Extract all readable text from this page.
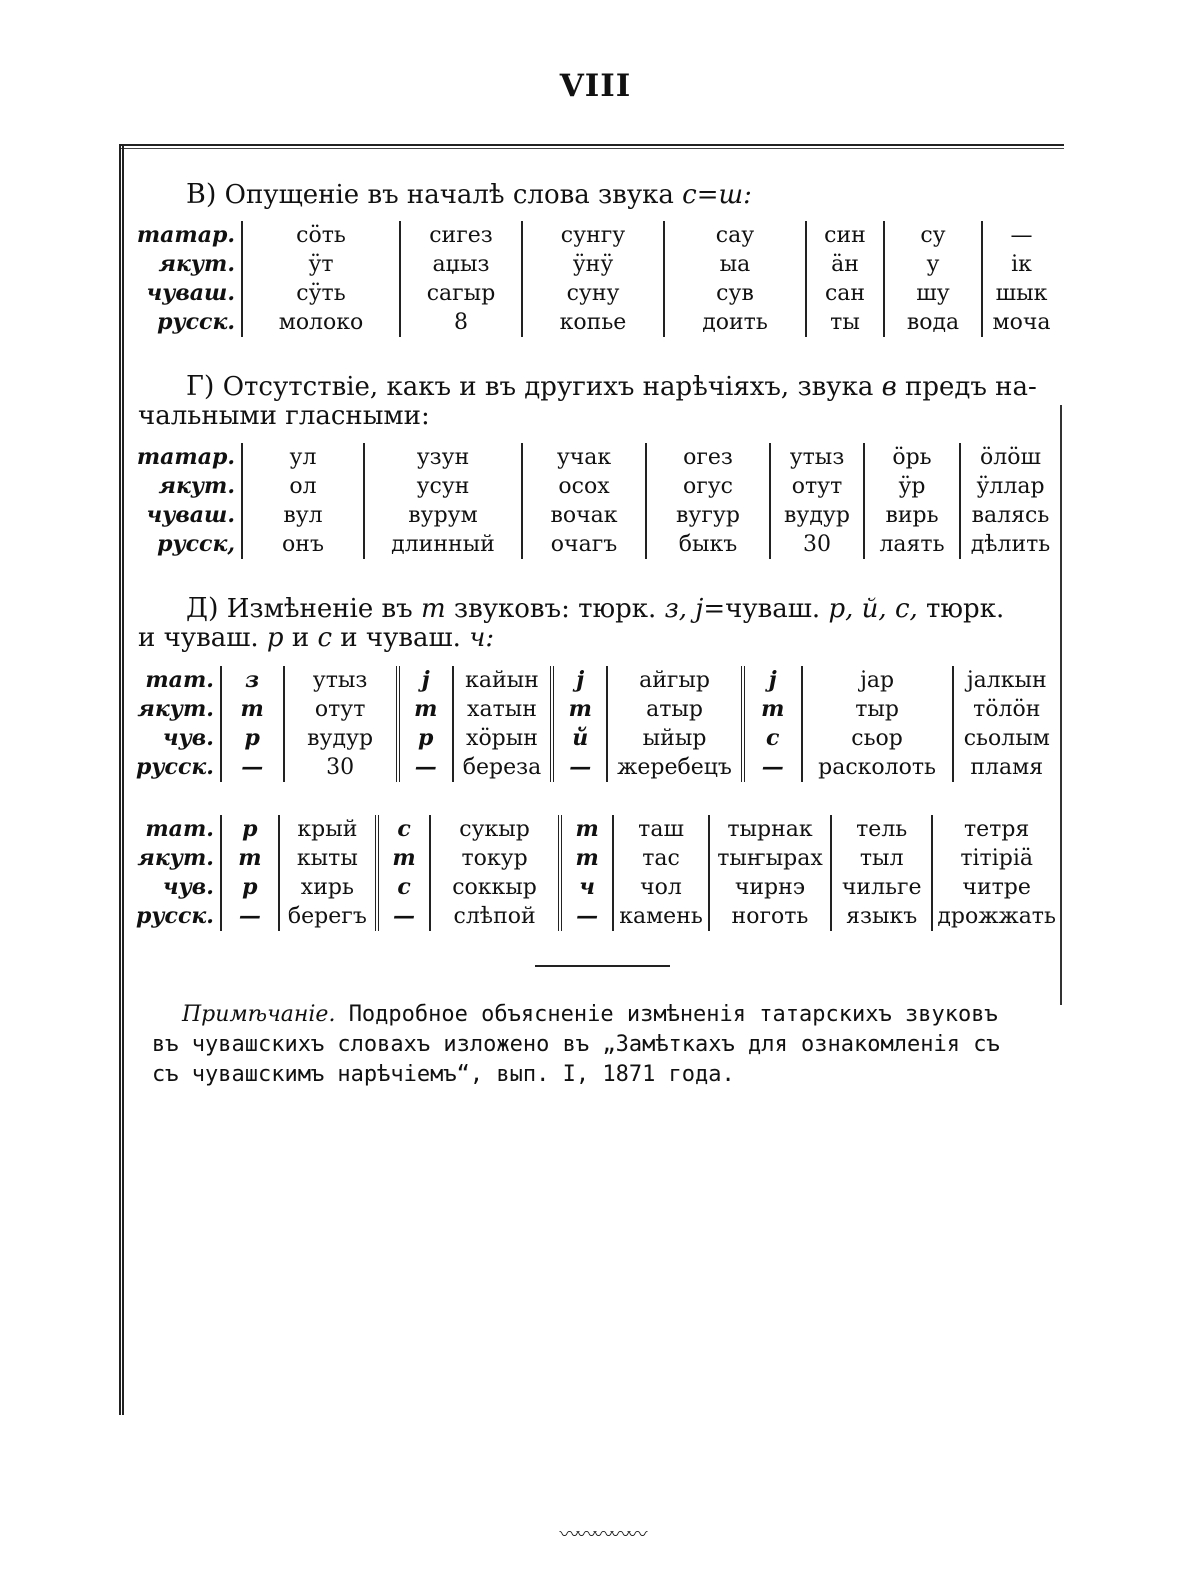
VIII
В) Опущеніе въ началѣ слова звука с=ш:
татар.	сӧть	сигез	сунгу	сау	син	су	—
якут.	ӱт	аџыз	ӱнӱ	ыа	ӓн	у	ік
чуваш.	сӱть	сагыр	суну	сув	сан	шу	шык
русск.	молоко	8	копье	доить	ты	вода	моча
Г) Отсутствіе, какъ и въ другихъ нарѣчіяхъ, звука в предъ на-
чальными гласными:
татар.	ул	узун	учак	огез	утыз	ӧрь	ӧлӧш
якут.	ол	усун	осох	огус	отут	ӱр	ӱллар
чуваш.	вул	вурум	вочак	вугур	вудур	вирь	валясь
русск,	онъ	длинный	очагъ	быкъ	30	лаять	дѣлить
Д) Измѣненіе въ т звуковъ: тюрк. з, j=чуваш. р, й, с, тюрк.
и чуваш. р и с и чуваш. ч:
тат.	з	утыз	j	кайын	j	айгыр	j	jар	jалкын
якут.	т	отут	т	хатын	т	атыр	т	тыр	тӧлӧн
чув.	р	вудур	р	хӧрын	й	ыйыр	с	сьор	сьолым
русск.	—	30	—	береза	—	жеребецъ	—	расколоть	пламя
тат.	р	крый	с	сукыр	т	таш	тырнак	тель	тетря
якут.	т	кыты	т	токур	т	тас	тыҥырах	тыл	тітіріӓ
чув.	р	хирь	с	соккыр	ч	чол	чирнэ	чильге	читре
русск.	—	берегъ	—	слѣпой	—	камень	ноготь	языкъ	дрожжать
Примѣчаніе. Подробное объясненіе измѣненія татарскихъ звуковъ
въ чувашскихъ словахъ изложено въ „Замѣткахъ для ознакомленія съ
съ чувашскимъ нарѣчіемъ“, вып. I, 1871 года.
〰〰〰〰〰
